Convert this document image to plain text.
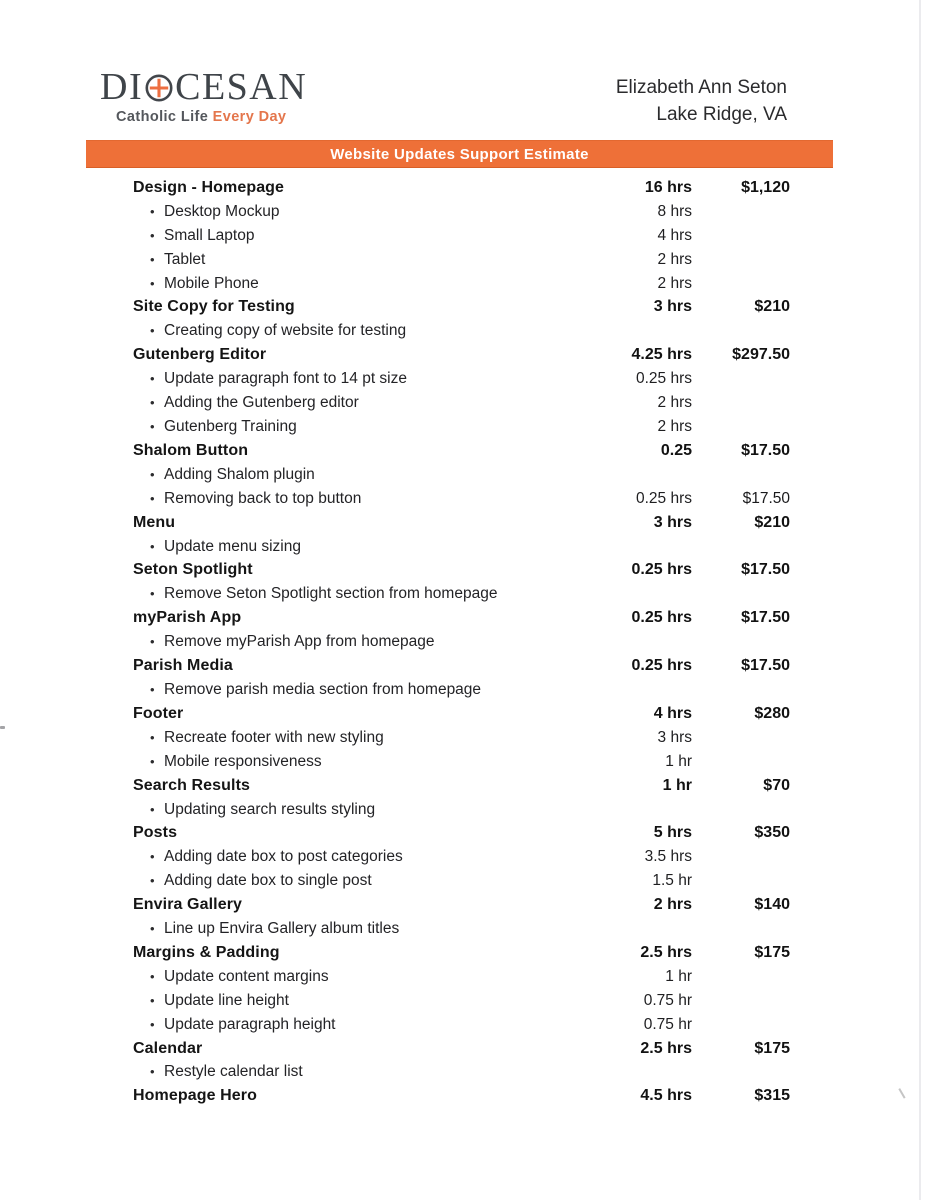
DI CESAN
Catholic Life Every Day
Elizabeth Ann Seton
Lake Ridge, VA
Website Updates Support Estimate
Design - Homepage	16 hrs	$1,120
• Desktop Mockup	8 hrs
• Small Laptop	4 hrs
• Tablet	2 hrs
• Mobile Phone	2 hrs
Site Copy for Testing	3 hrs	$210
• Creating copy of website for testing
Gutenberg Editor	4.25 hrs	$297.50
• Update paragraph font to 14 pt size	0.25 hrs
• Adding the Gutenberg editor	2 hrs
• Gutenberg Training	2 hrs
Shalom Button	0.25	$17.50
• Adding Shalom plugin
• Removing back to top button	0.25 hrs	$17.50
Menu	3 hrs	$210
• Update menu sizing
Seton Spotlight	0.25 hrs	$17.50
• Remove Seton Spotlight section from homepage
myParish App	0.25 hrs	$17.50
• Remove myParish App from homepage
Parish Media	0.25 hrs	$17.50
• Remove parish media section from homepage
Footer	4 hrs	$280
• Recreate footer with new styling	3 hrs
• Mobile responsiveness	1 hr
Search Results	1 hr	$70
• Updating search results styling
Posts	5 hrs	$350
• Adding date box to post categories	3.5 hrs
• Adding date box to single post	1.5 hr
Envira Gallery	2 hrs	$140
• Line up Envira Gallery album titles
Margins & Padding	2.5 hrs	$175
• Update content margins	1 hr
• Update line height	0.75 hr
• Update paragraph height	0.75 hr
Calendar	2.5 hrs	$175
• Restyle calendar list
Homepage Hero	4.5 hrs	$315
